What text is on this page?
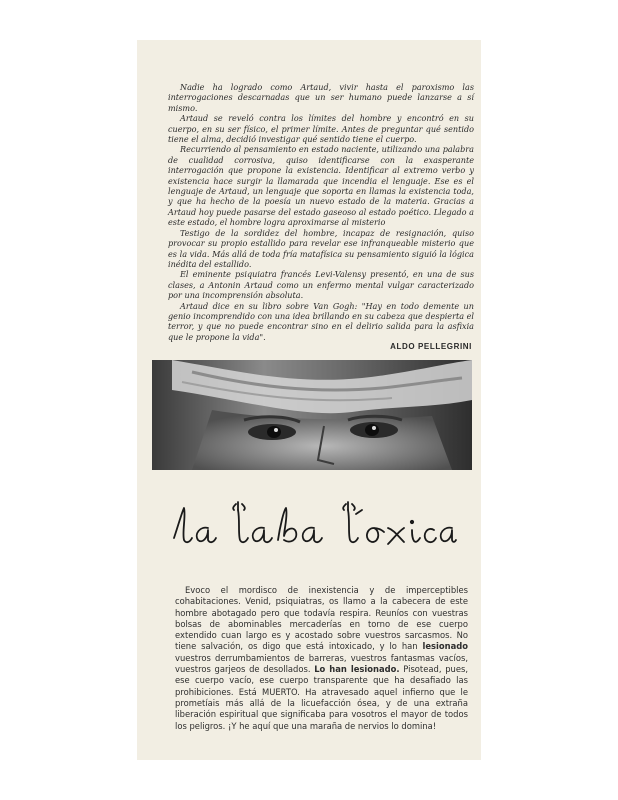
Nadie ha logrado como Artaud, vivir hasta el paroxismo las interrogaciones descarnadas que un ser humano puede lanzarse a sí mismo.

Artaud se reveló contra los límites del hombre y encontró en su cuerpo, en su ser físico, el primer límite. Antes de preguntar qué sentido tiene el alma, decidió investigar qué sentido tiene el cuerpo.

Recurriendo al pensamiento en estado naciente, utilizando una palabra de cualidad corrosiva, quiso identificarse con la exasperante interrogación que propone la existencia. Identificar al extremo verbo y existencia hace surgir la llamarada que incendia el lenguaje. Ese es el lenguaje de Artaud, un lenguaje que soporta en llamas la existencia toda, y que ha hecho de la poesía un nuevo estado de la materia. Gracias a Artaud hoy puede pasarse del estado gaseoso al estado poético. Llegado a este estado, el hombre logra aproximarse al misterio

Testigo de la sordidez del hombre, incapaz de resignación, quiso provocar su propio estallido para revelar ese infranqueable misterio que es la vida. Más allá de toda fría matafísica su pensamiento siguió la lógica inédita del estallido.

El eminente psiquiatra francés Levi-Valensy presentó, en una de sus clases, a Antonin Artaud como un enfermo mental vulgar caracterizado por una incomprensión absoluta.

Artaud dice en su libro sobre Van Gogh: "Hay en todo demente un genio incomprendido con una idea brillando en su cabeza que despierta el terror, y que no puede encontrar sino en el delirio salida para la asfixia que le propone la vida".

ALDO PELLEGRINI

Evoco el mordisco de inexistencia y de imperceptibles cohabitaciones. Venid, psiquiatras, os llamo a la cabecera de este hombre abotagado pero que todavía respira. Reuníos con vuestras bolsas de abominables mercaderías en torno de ese cuerpo extendido cuan largo es y acostado sobre vuestros sarcasmos. No tiene salvación, os digo que está intoxicado, y lo han lesionado vuestros derrumbamientos de barreras, vuestros fantasmas vacíos, vuestros garjeos de desollados. Lo han lesionado. Pisotead, pues, ese cuerpo vacío, ese cuerpo transparente que ha desafiado las prohibiciones. Está MUERTO. Ha atravesado aquel infierno que le prometíais más allá de la licuefacción ósea, y de una extraña liberación espiritual que significaba para vosotros el mayor de todos los peligros. ¡Y he aquí que una maraña de nervios lo domina!
